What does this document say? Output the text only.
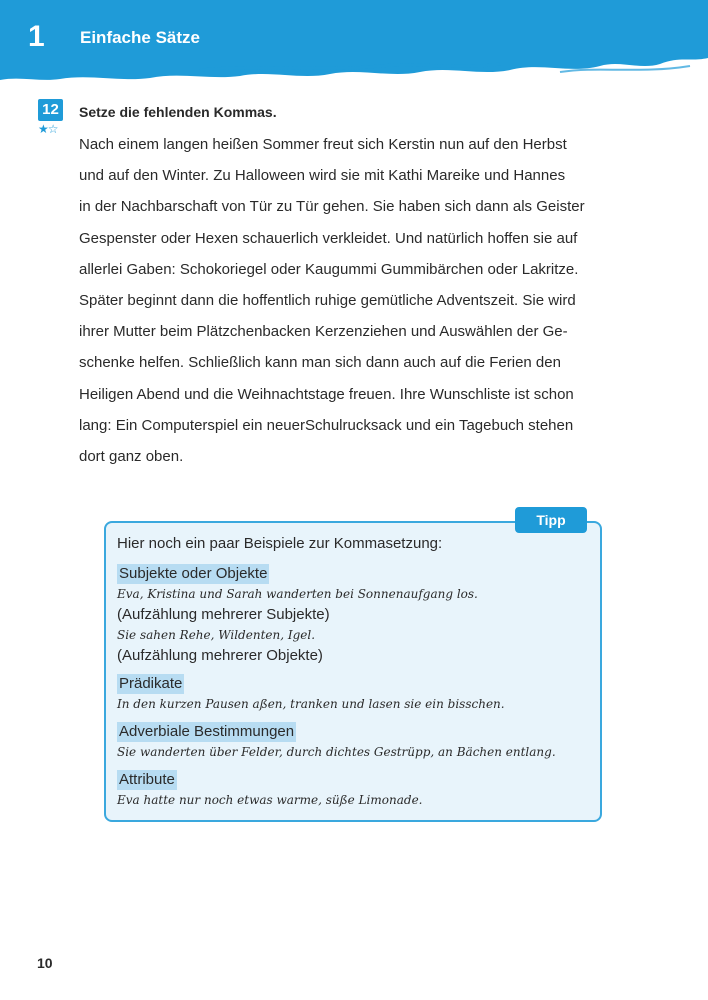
1 Einfache Sätze
12
★☆
Setze die fehlenden Kommas.
Nach einem langen heißen Sommer freut sich Kerstin nun auf den Herbst
und auf den Winter. Zu Halloween wird sie mit Kathi Mareike und Hannes
in der Nachbarschaft von Tür zu Tür gehen. Sie haben sich dann als Geister
Gespenster oder Hexen schauerlich verkleidet. Und natürlich hoffen sie auf
allerlei Gaben: Schokoriegel oder Kaugummi Gummibärchen oder Lakritze.
Später beginnt dann die hoffentlich ruhige gemütliche Adventszeit. Sie wird
ihrer Mutter beim Plätzchenbacken Kerzenziehen und Auswählen der Ge-
schenke helfen. Schließlich kann man sich dann auch auf die Ferien den
Heiligen Abend und die Weihnachtstage freuen. Ihre Wunschliste ist schon
lang: Ein Computerspiel ein neuerSchulrucksack und ein Tagebuch stehen
dort ganz oben.
Tipp
Hier noch ein paar Beispiele zur Kommasetzung:
Subjekte oder Objekte
Eva, Kristina und Sarah wanderten bei Sonnenaufgang los.
(Aufzählung mehrerer Subjekte)
Sie sahen Rehe, Wildenten, Igel.
(Aufzählung mehrerer Objekte)
Prädikate
In den kurzen Pausen aßen, tranken und lasen sie ein bisschen.
Adverbiale Bestimmungen
Sie wanderten über Felder, durch dichtes Gestrüpp, an Bächen entlang.
Attribute
Eva hatte nur noch etwas warme, süße Limonade.
10
